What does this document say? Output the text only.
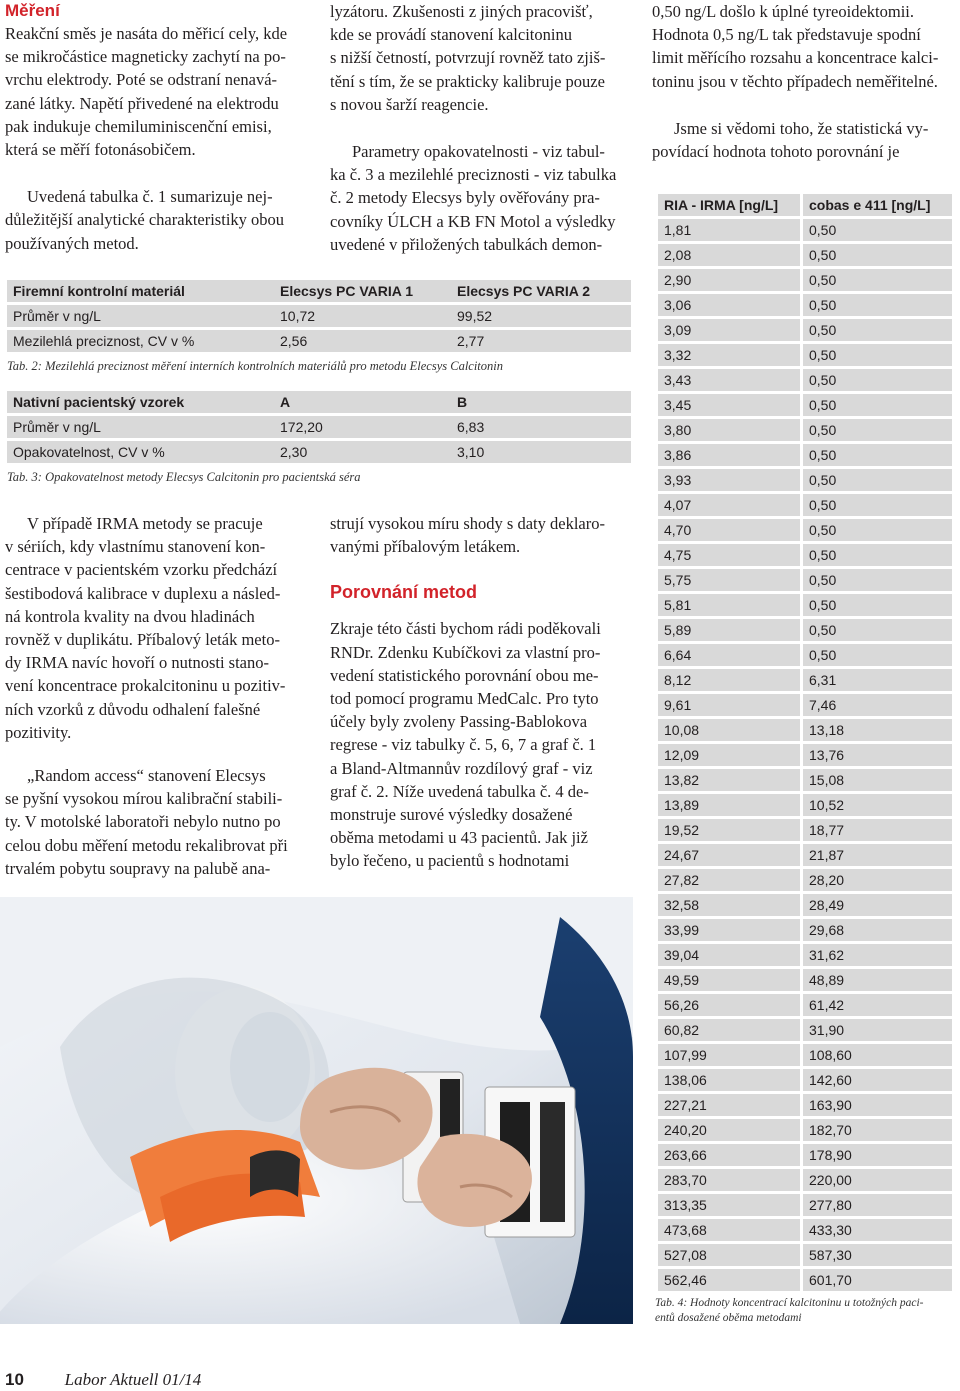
Měření

Reakční směs je nasáta do měřicí cely, kde
se mikročástice magneticky zachytí na po-
vrchu elektrody. Poté se odstraní nenavá-
zané látky. Napětí přivedené na elektrodu
pak indukuje chemiluminiscenční emisi,
která se měří fotonásobičem.

Uvedená tabulka č. 1 sumarizuje nej-
důležitější analytické charakteristiky obou
používaných metod.

lyzátoru. Zkušenosti z jiných pracovišť,
kde se provádí stanovení kalcitoninu
s nižší četností, potvrzují rovněž tato zjiš-
tění s tím, že se prakticky kalibruje pouze
s novou šarží reagencie.

Parametry opakovatelnosti - viz tabul-
ka č. 3 a mezilehlé preciznosti - viz tabulka
č. 2 metody Elecsys byly ověřovány pra-
covníky ÚLCH a KB FN Motol a výsledky
uvedené v přiložených tabulkách demon-

Firemní kontrolní materiál	Elecsys PC VARIA 1	Elecsys PC VARIA 2
Průměr v ng/L	10,72	99,52
Mezilehlá preciznost, CV v %	2,56	2,77

Tab. 2: Mezilehlá preciznost měření interních kontrolních materiálů pro metodu Elecsys Calcitonin

Nativní pacientský vzorek	A	B
Průměr v ng/L	172,20	6,83
Opakovatelnost, CV v %	2,30	3,10

Tab. 3: Opakovatelnost metody Elecsys Calcitonin pro pacientská séra

V případě IRMA metody se pracuje
v sériích, kdy vlastnímu stanovení kon-
centrace v pacientském vzorku předchází
šestibodová kalibrace v duplexu a násled-
ná kontrola kvality na dvou hladinách
rovněž v duplikátu. Příbalový leták meto-
dy IRMA navíc hovoří o nutnosti stano-
vení koncentrace prokalcitoninu u pozitiv-
ních vzorků z důvodu odhalení falešné
pozitivity.

„Random access“ stanovení Elecsys
se pyšní vysokou mírou kalibrační stabili-
ty. V motolské laboratoři nebylo nutno po
celou dobu měření metodu rekalibrovat při
trvalém pobytu soupravy na palubě ana-

strují vysokou míru shody s daty deklaro-
vanými příbalovým letákem.

Porovnání metod

Zkraje této části bychom rádi poděkovali
RNDr. Zdenku Kubíčkovi za vlastní pro-
vedení statistického porovnání obou me-
tod pomocí programu MedCalc. Pro tyto
účely byly zvoleny Passing-Bablokova
regrese - viz tabulky č. 5, 6, 7 a graf č. 1
a Bland-Altmannův rozdílový graf - viz
graf č. 2. Níže uvedená tabulka č. 4 de-
monstruje surové výsledky dosažené
oběma metodami u 43 pacientů. Jak již
bylo řečeno, u pacientů s hodnotami

0,50 ng/L došlo k úplné tyreoidektomii.
Hodnota 0,5 ng/L tak představuje spodní
limit měřícího rozsahu a koncentrace kalci-
toninu jsou v těchto případech neměřitelné.

Jsme si vědomi toho, že statistická vy-
povídací hodnota tohoto porovnání je

RIA - IRMA [ng/L]	cobas e 411 [ng/L]
1,81	0,50
2,08	0,50
2,90	0,50
3,06	0,50
3,09	0,50
3,32	0,50
3,43	0,50
3,45	0,50
3,80	0,50
3,86	0,50
3,93	0,50
4,07	0,50
4,70	0,50
4,75	0,50
5,75	0,50
5,81	0,50
5,89	0,50
6,64	0,50
8,12	6,31
9,61	7,46
10,08	13,18
12,09	13,76
13,82	15,08
13,89	10,52
19,52	18,77
24,67	21,87
27,82	28,20
32,58	28,49
33,99	29,68
39,04	31,62
49,59	48,89
56,26	61,42
60,82	31,90
107,99	108,60
138,06	142,60
227,21	163,90
240,20	182,70
263,66	178,90
283,70	220,00
313,35	277,80
473,68	433,30
527,08	587,30
562,46	601,70

Tab. 4: Hodnoty koncentrací kalcitoninu u totožných paci-
entů dosažené oběma metodami

10 Labor Aktuell 01/14
